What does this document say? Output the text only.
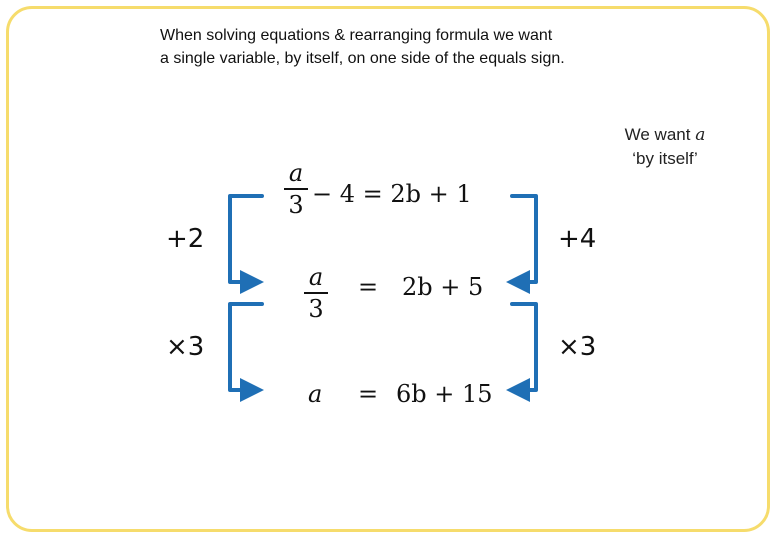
When solving equations & rearranging formula we want
a single variable, by itself, on one side of the equals sign.
We want a
‘by itself’
a
3 − 4 = 2b + 1
a
3
= 2b + 5
a = 6b + 15
+2
×3
+4
×3
